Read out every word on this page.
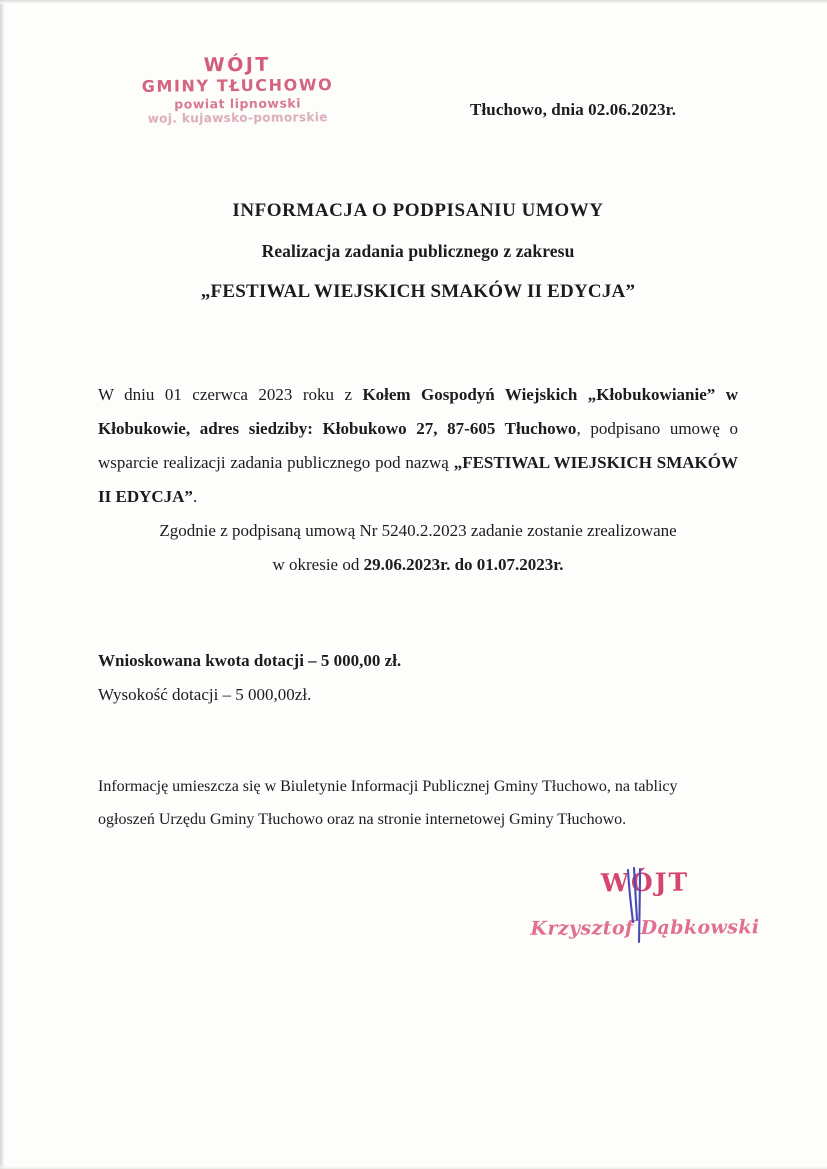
WÓJT
GMINY TŁUCHOWO
powiat lipnowski
woj. kujawsko-pomorskie	Tłuchowo, dnia 02.06.2023r.
INFORMACJA O PODPISANIU UMOWY
Realizacja zadania publicznego z zakresu
„FESTIWAL WIEJSKICH SMAKÓW II EDYCJA”

W dniu 01 czerwca 2023 roku z Kołem Gospodyń Wiejskich „Kłobukowianie” w Kłobukowie, adres siedziby: Kłobukowo 27, 87-605 Tłuchowo, podpisano umowę o wsparcie realizacji zadania publicznego pod nazwą „FESTIWAL WIEJSKICH SMAKÓW II EDYCJA”.

Zgodnie z podpisaną umową Nr 5240.2.2023 zadanie zostanie zrealizowane

w okresie od 29.06.2023r. do 01.07.2023r.

Wnioskowana kwota dotacji – 5 000,00 zł.
Wysokość dotacji – 5 000,00zł.
Informację umieszcza się w Biuletynie Informacji Publicznej Gminy Tłuchowo, na tablicy
ogłoszeń Urzędu Gminy Tłuchowo oraz na stronie internetowej Gminy Tłuchowo.
WÓJT
Krzysztof Dąbkowski
